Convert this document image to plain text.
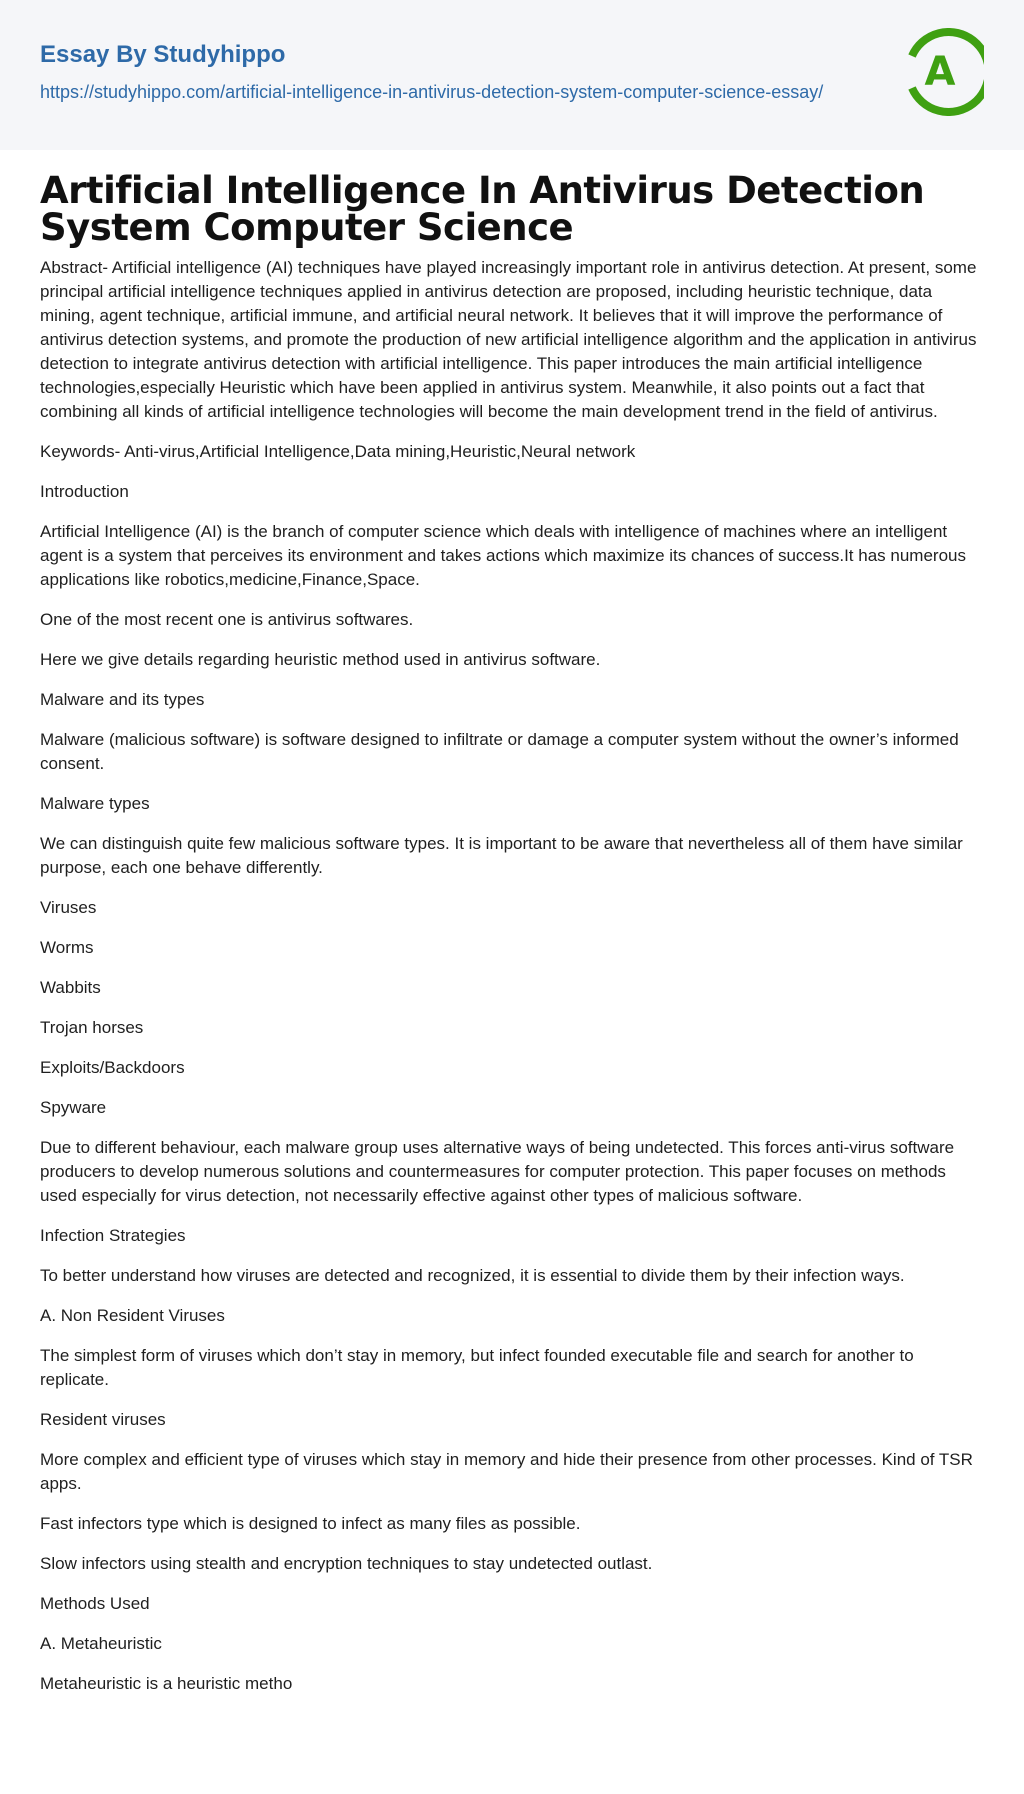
Essay By Studyhippo
https://studyhippo.com/artificial-intelligence-in-antivirus-detection-system-computer-science-essay/	A
Artificial Intelligence In Antivirus Detection System Computer Science

Abstract- Artificial intelligence (AI) techniques have played increasingly important role in antivirus detection. At present, some principal artificial intelligence techniques applied in antivirus detection are proposed, including heuristic technique, data mining, agent technique, artificial immune, and artificial neural network. It believes that it will improve the performance of antivirus detection systems, and promote the production of new artificial intelligence algorithm and the application in antivirus detection to integrate antivirus detection with artificial intelligence. This paper introduces the main artificial intelligence technologies,especially Heuristic which have been applied in antivirus system. Meanwhile, it also points out a fact that combining all kinds of artificial intelligence technologies will become the main development trend in the field of antivirus.

Keywords- Anti-virus,Artificial Intelligence,Data mining,Heuristic,Neural network

Introduction

Artificial Intelligence (AI) is the branch of computer science which deals with intelligence of machines where an intelligent agent is a system that perceives its environment and takes actions which maximize its chances of success.It has numerous applications like robotics,medicine,Finance,Space.

One of the most recent one is antivirus softwares.

Here we give details regarding heuristic method used in antivirus software.

Malware and its types

Malware (malicious software) is software designed to infiltrate or damage a computer system without the owner’s informed consent.

Malware types

We can distinguish quite few malicious software types. It is important to be aware that nevertheless all of them have similar purpose, each one behave differently.

Viruses

Worms

Wabbits

Trojan horses

Exploits/Backdoors

Spyware

Due to different behaviour, each malware group uses alternative ways of being undetected. This forces anti-virus software producers to develop numerous solutions and countermeasures for computer protection. This paper focuses on methods used especially for virus detection, not necessarily effective against other types of malicious software.

Infection Strategies

To better understand how viruses are detected and recognized, it is essential to divide them by their infection ways.

A. Non Resident Viruses

The simplest form of viruses which don’t stay in memory, but infect founded executable file and search for another to replicate.

Resident viruses

More complex and efficient type of viruses which stay in memory and hide their presence from other processes. Kind of TSR apps.

Fast infectors type which is designed to infect as many files as possible.

Slow infectors using stealth and encryption techniques to stay undetected outlast.

Methods Used

A. Metaheuristic

Metaheuristic is a heuristic metho
